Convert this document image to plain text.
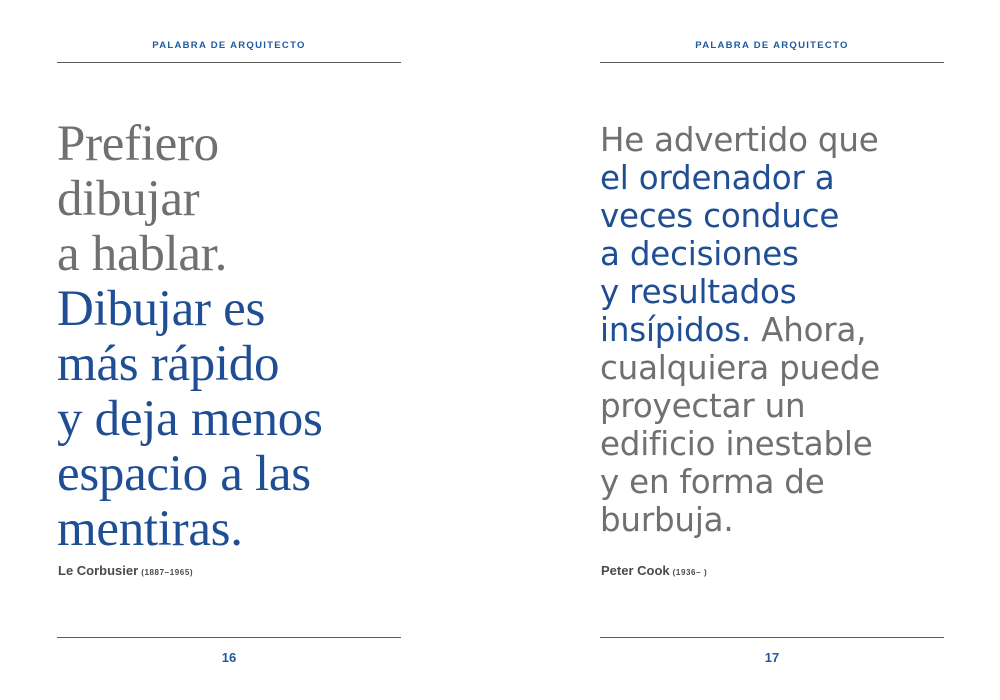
PALABRA DE ARQUITECTO
Prefiero
dibujar
a hablar.
Dibujar es
más rápido
y deja menos
espacio a las
mentiras.
Le Corbusier (1887–1965)
16
PALABRA DE ARQUITECTO
He advertido que
el ordenador a
veces conduce
a decisiones
y resultados
insípidos. Ahora,
cualquiera puede
proyectar un
edificio inestable
y en forma de
burbuja.
Peter Cook (1936– )
17
